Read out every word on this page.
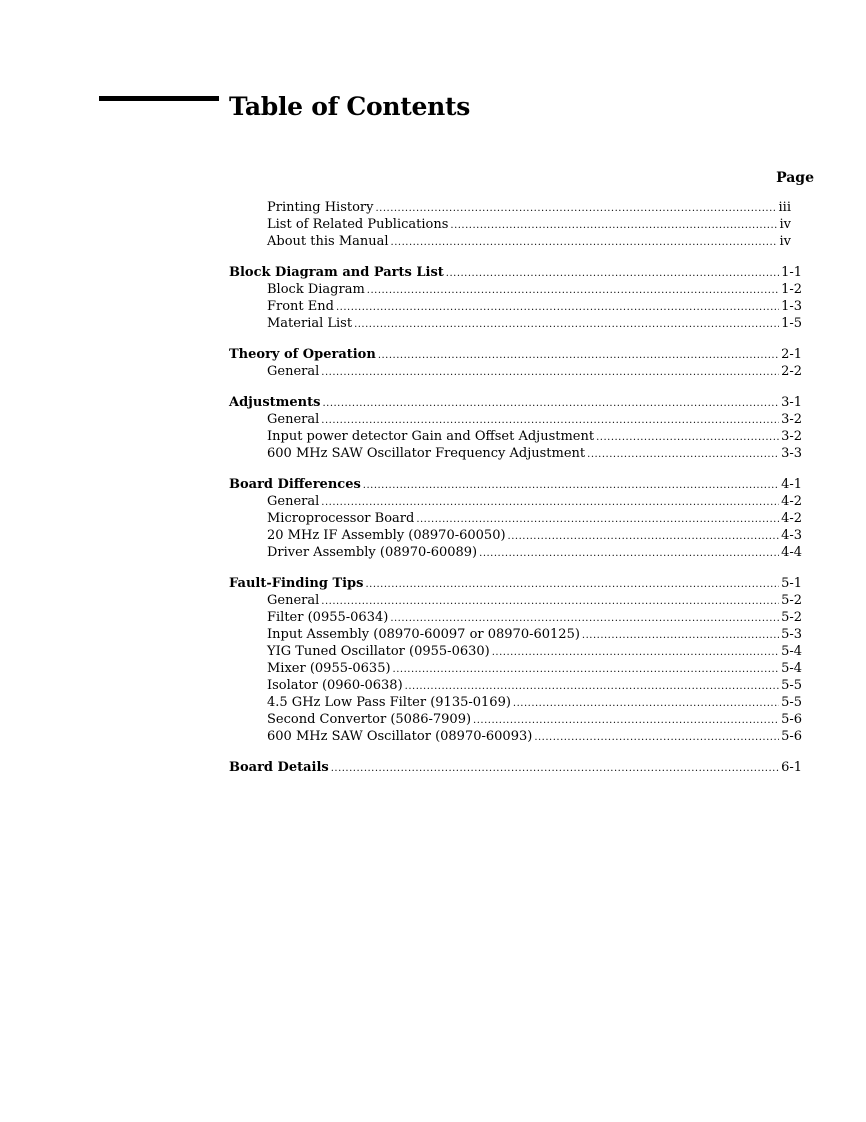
Table of Contents
Page
Printing History .....	iii
List of Related Publications .....	iv
About this Manual .....	iv
Block Diagram and Parts List .....	1-1
Block Diagram .....	1-2
Front End .....	1-3
Material List .....	1-5
Theory of Operation .....	2-1
General .....	2-2
Adjustments .....	3-1
General .....	3-2
Input power detector Gain and Offset Adjustment .....	3-2
600 MHz SAW Oscillator Frequency Adjustment .....	3-3
Board Differences .....	4-1
General .....	4-2
Microprocessor Board .....	4-2
20 MHz IF Assembly (08970-60050) .....	4-3
Driver Assembly (08970-60089) .....	4-4
Fault-Finding Tips .....	5-1
General .....	5-2
Filter (0955-0634) .....	5-2
Input Assembly (08970-60097 or 08970-60125) .....	5-3
YIG Tuned Oscillator (0955-0630) .....	5-4
Mixer (0955-0635) .....	5-4
Isolator (0960-0638) .....	5-5
4.5 GHz Low Pass Filter (9135-0169) .....	5-5
Second Convertor (5086-7909) .....	5-6
600 MHz SAW Oscillator (08970-60093) .....	5-6
Board Details .....	6-1
